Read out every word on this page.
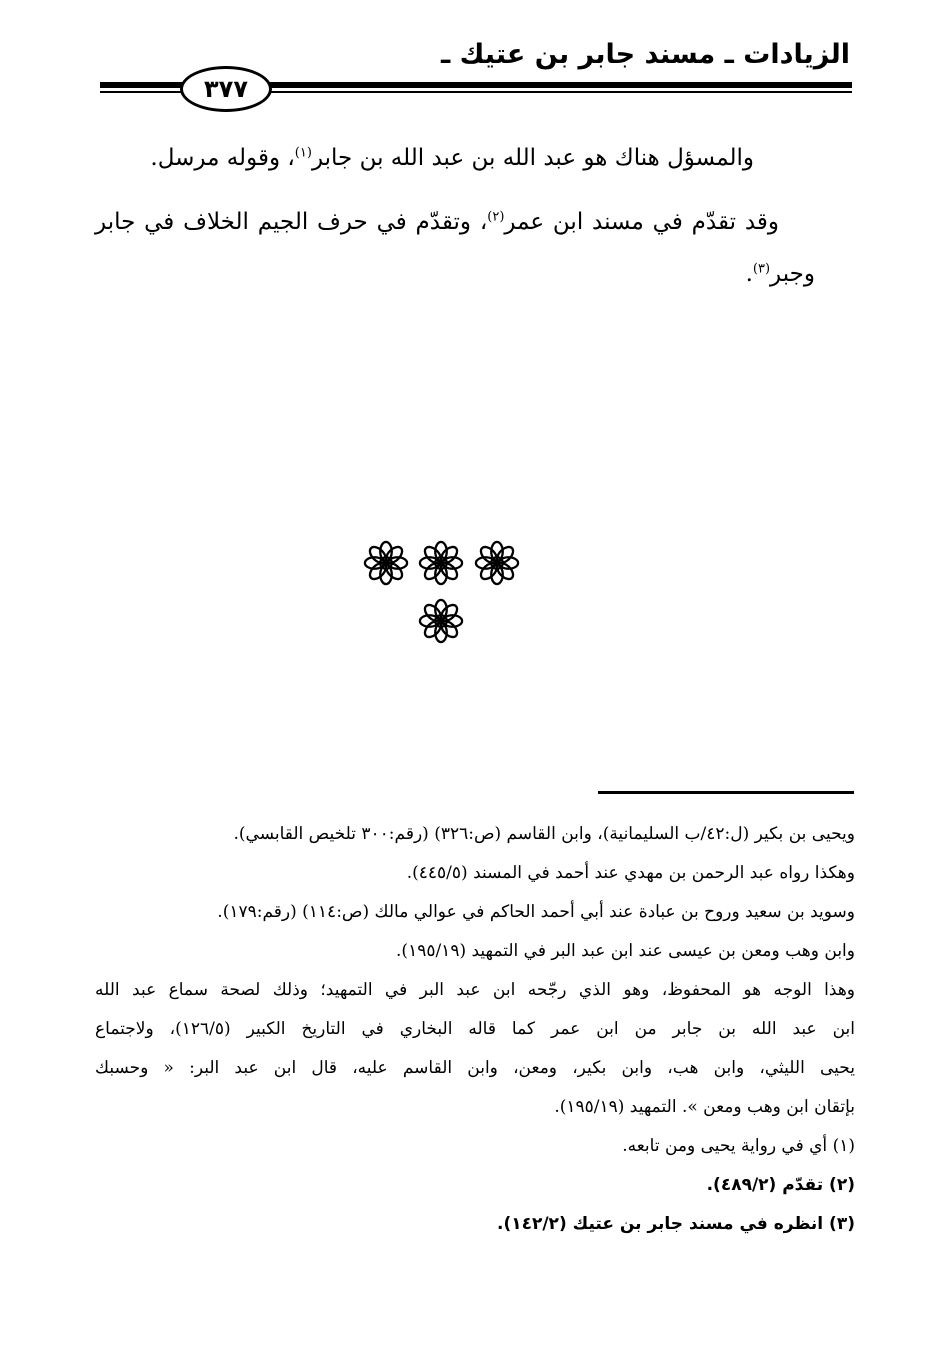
الزيادات ـ مسند جابر بن عتيك ـ
٣٧٧

والمسؤل هناك هو عبد الله بن عبد الله بن جابر$^{(١)}$، وقوله مرسل.

وقد تقدّم في مسند ابن عمر$^{(٢)}$، وتقدّم في حرف الجيم الخلاف في جابر وجبر$^{(٣)}$.

ويحيى بن بكير (ل:٤٢/ب السليمانية)، وابن القاسم (ص:٣٢٦) (رقم:٣٠٠ تلخيص القابسي).

وهكذا رواه عبد الرحمن بن مهدي عند أحمد في المسند (٤٤٥/٥).

وسويد بن سعيد وروح بن عبادة عند أبي أحمد الحاكم في عوالي مالك (ص:١١٤) (رقم:١٧٩).

وابن وهب ومعن بن عيسى عند ابن عبد البر في التمهيد (١٩٥/١٩).

وهذا الوجه هو المحفوظ، وهو الذي رجّحه ابن عبد البر في التمهيد؛ وذلك لصحة سماع عبد الله

ابن عبد الله بن جابر من ابن عمر كما قاله البخاري في التاريخ الكبير (١٢٦/٥)، ولاجتماع

يحيى الليثي، وابن هب، وابن بكير، ومعن، وابن القاسم عليه، قال ابن عبد البر: « وحسبك

بإتقان ابن وهب ومعن ». التمهيد (١٩٥/١٩).

(١) أي في رواية يحيى ومن تابعه.

(٢) تقدّم (٤٨٩/٢).

(٣) انظره في مسند جابر بن عتيك (١٤٢/٢).
